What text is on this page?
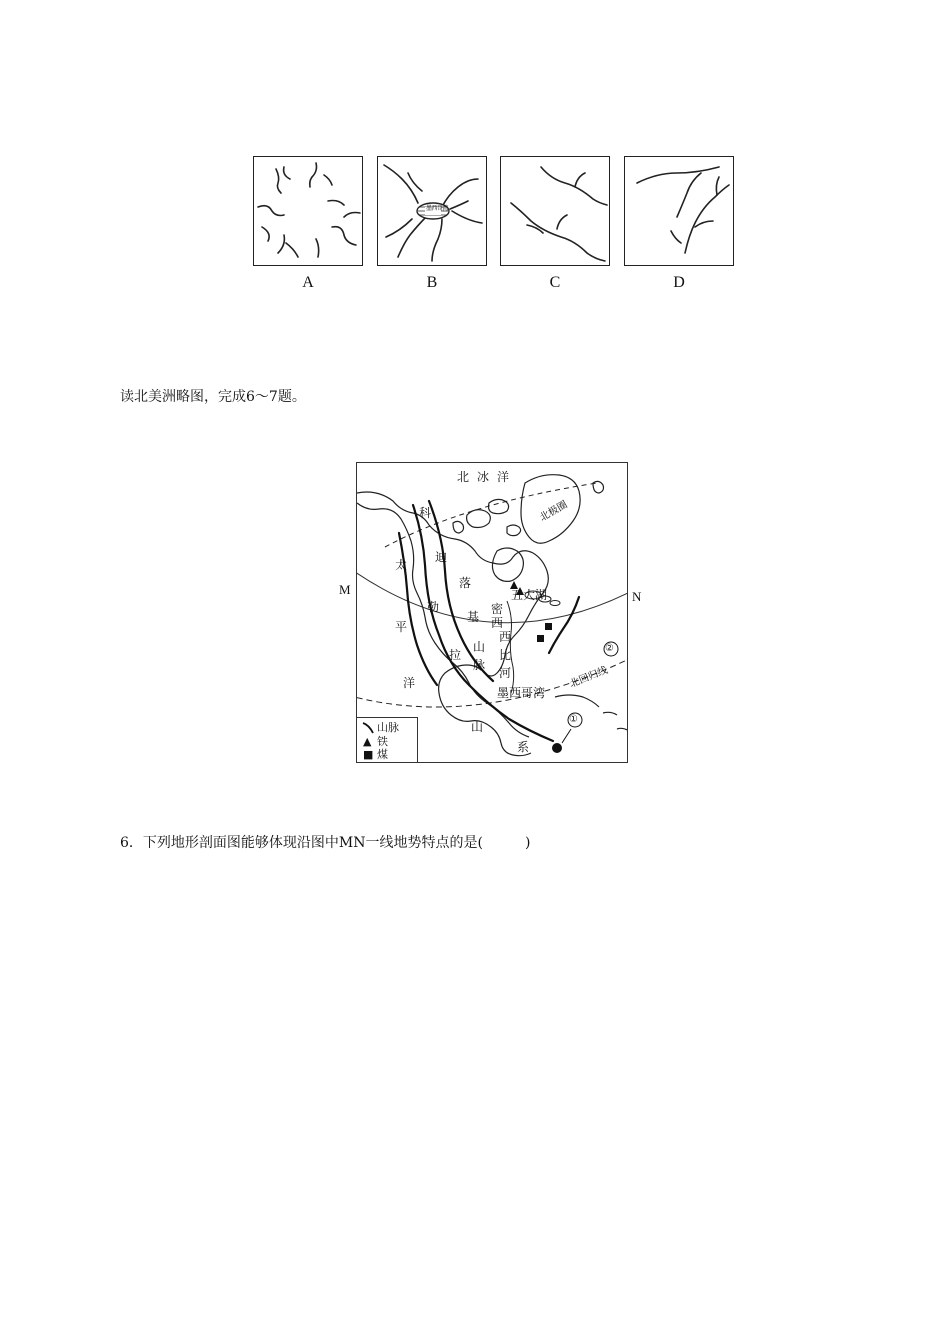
墨西哥湾
A	B	C	D
读北美洲略图，完成6～7题。
北冰洋
北极圈
太
平
洋
科
迪
勒
拉
山
系
落
基
山
脉
密
西
西
比
河
五大湖
墨西哥湾
北回归线
①
②
山脉
▲ 铁
■ 煤
M	N
6．下列地形剖面图能够体现沿图中MN一线地势特点的是(　　　)
